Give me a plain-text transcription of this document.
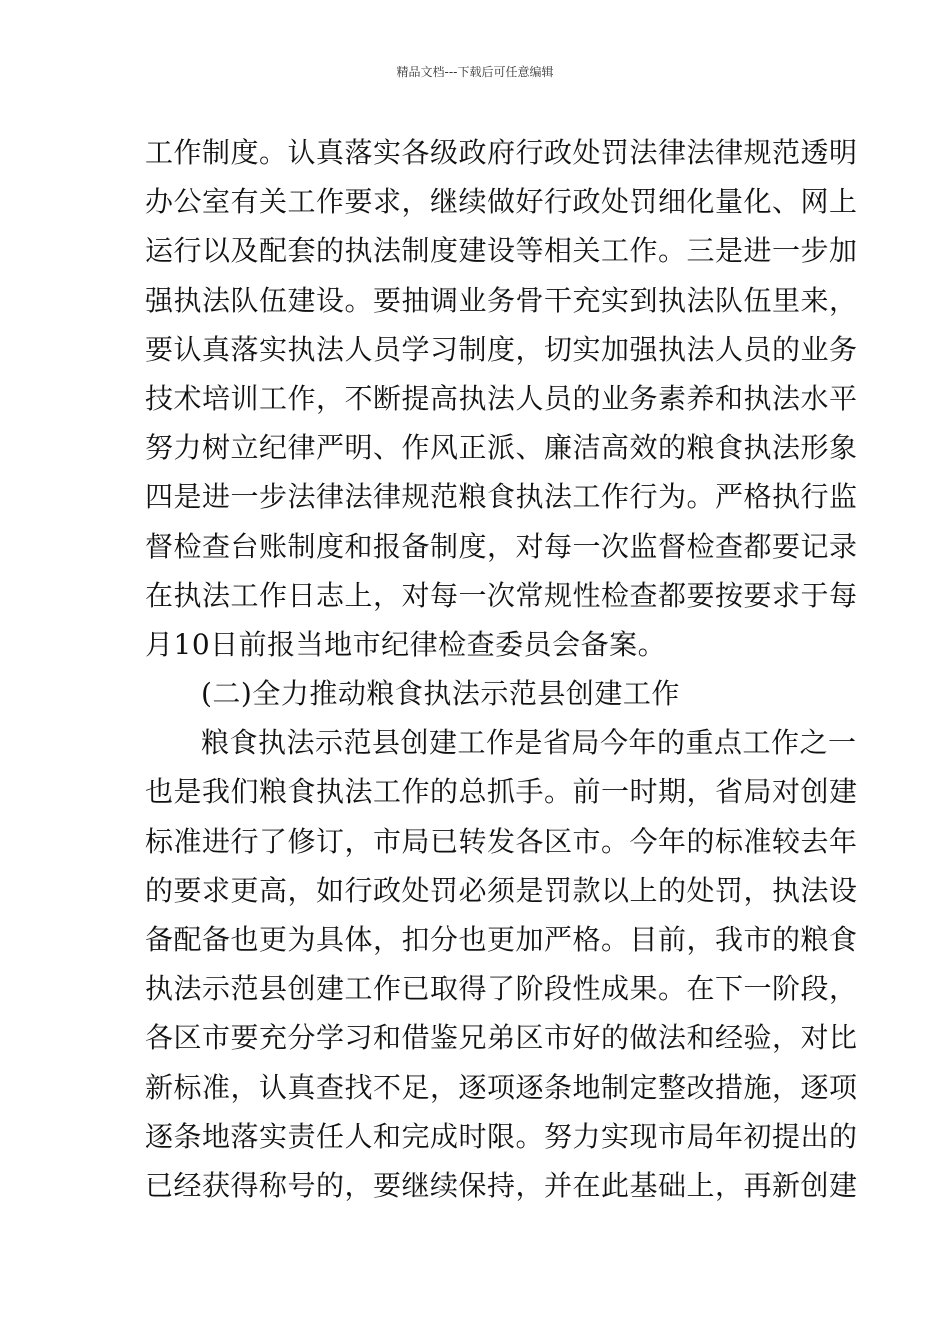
精品文档---下载后可任意编辑
工作制度。认真落实各级政府行政处罚法律法律规范透明
办公室有关工作要求，继续做好行政处罚细化量化、网上
运行以及配套的执法制度建设等相关工作。三是进一步加
强执法队伍建设。要抽调业务骨干充实到执法队伍里来，
要认真落实执法人员学习制度，切实加强执法人员的业务
技术培训工作，不断提高执法人员的业务素养和执法水平
努力树立纪律严明、作风正派、廉洁高效的粮食执法形象
四是进一步法律法律规范粮食执法工作行为。严格执行监
督检查台账制度和报备制度，对每一次监督检查都要记录
在执法工作日志上，对每一次常规性检查都要按要求于每
月10日前报当地市纪律检查委员会备案。
(二)全力推动粮食执法示范县创建工作
粮食执法示范县创建工作是省局今年的重点工作之一
也是我们粮食执法工作的总抓手。前一时期，省局对创建
标准进行了修订，市局已转发各区市。今年的标准较去年
的要求更高，如行政处罚必须是罚款以上的处罚，执法设
备配备也更为具体，扣分也更加严格。目前，我市的粮食
执法示范县创建工作已取得了阶段性成果。在下一阶段，
各区市要充分学习和借鉴兄弟区市好的做法和经验，对比
新标准，认真查找不足，逐项逐条地制定整改措施，逐项
逐条地落实责任人和完成时限。努力实现市局年初提出的
已经获得称号的，要继续保持，并在此基础上，再新创建
